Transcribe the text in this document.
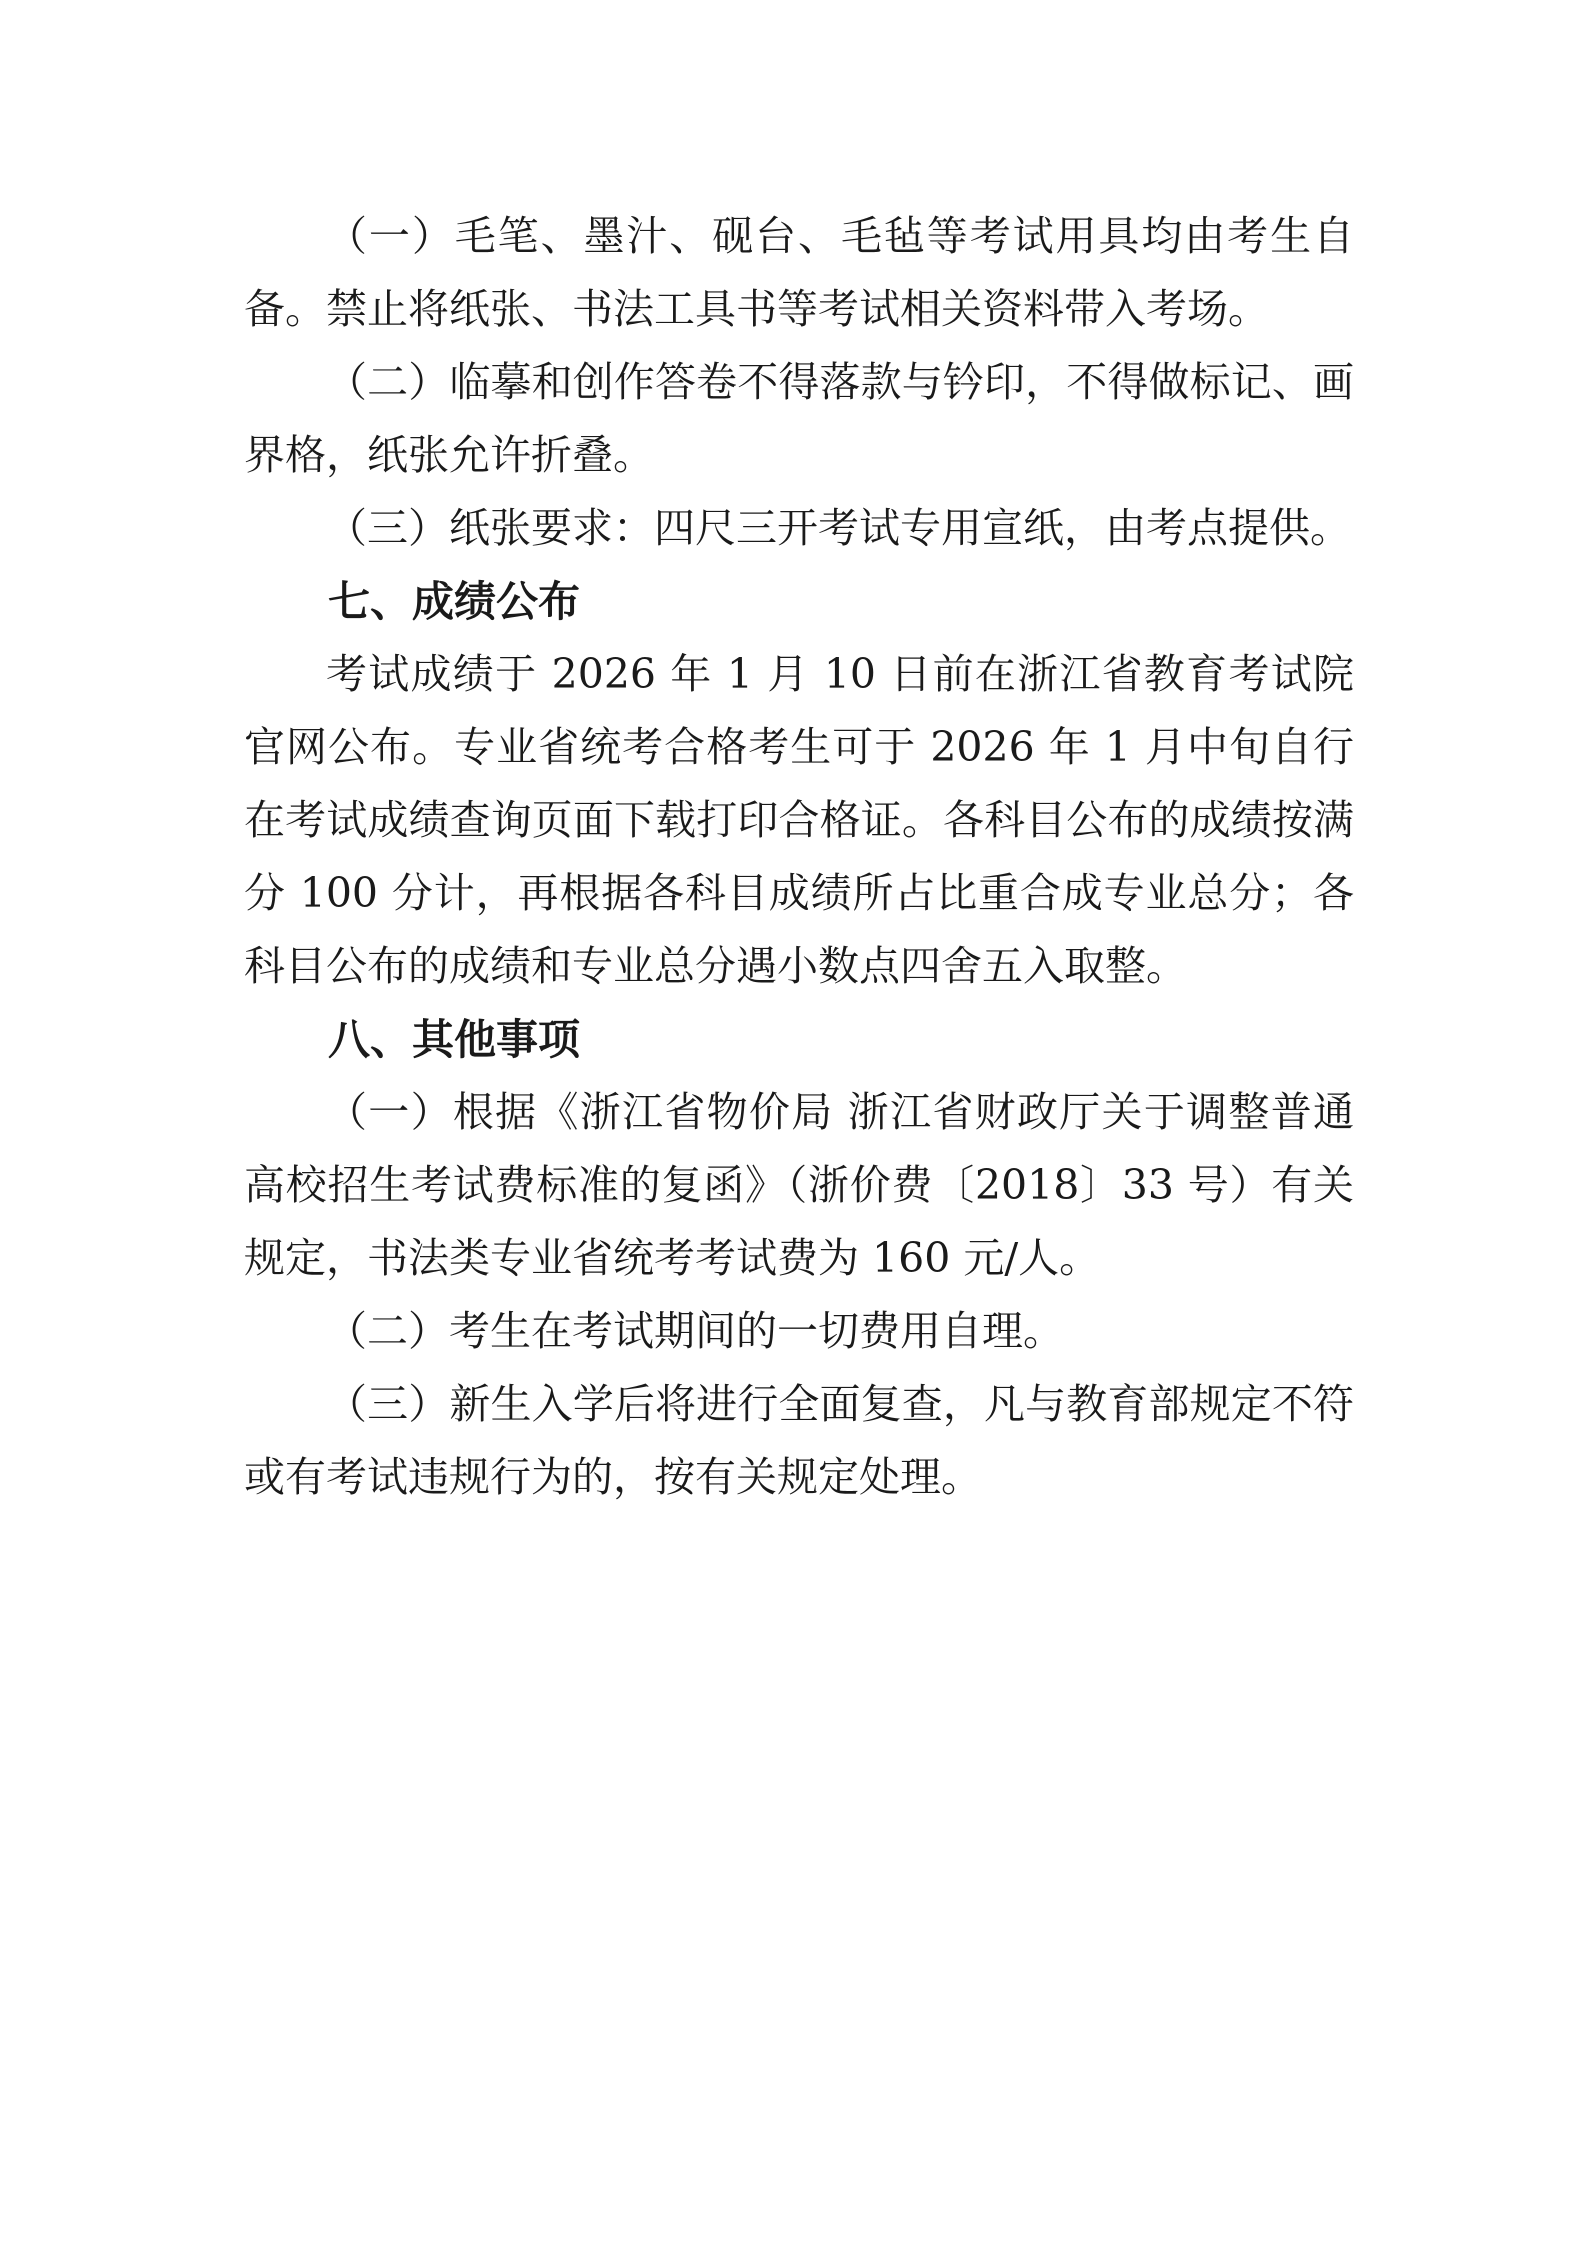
（一）毛笔、墨汁、砚台、毛毡等考试用具均由考生自备。禁止将纸张、书法工具书等考试相关资料带入考场。

（二）临摹和创作答卷不得落款与钤印，不得做标记、画界格，纸张允许折叠。

（三）纸张要求：四尺三开考试专用宣纸，由考点提供。

七、成绩公布

考试成绩于 2026 年 1 月 10 日前在浙江省教育考试院官网公布。专业省统考合格考生可于 2026 年 1 月中旬自行在考试成绩查询页面下载打印合格证。各科目公布的成绩按满分 100 分计，再根据各科目成绩所占比重合成专业总分；各科目公布的成绩和专业总分遇小数点四舍五入取整。

八、其他事项

（一）根据《浙江省物价局 浙江省财政厅关于调整普通高校招生考试费标准的复函》（浙价费〔2018〕33 号）有关规定，书法类专业省统考考试费为 160 元/人。

（二）考生在考试期间的一切费用自理。

（三）新生入学后将进行全面复查，凡与教育部规定不符或有考试违规行为的，按有关规定处理。
